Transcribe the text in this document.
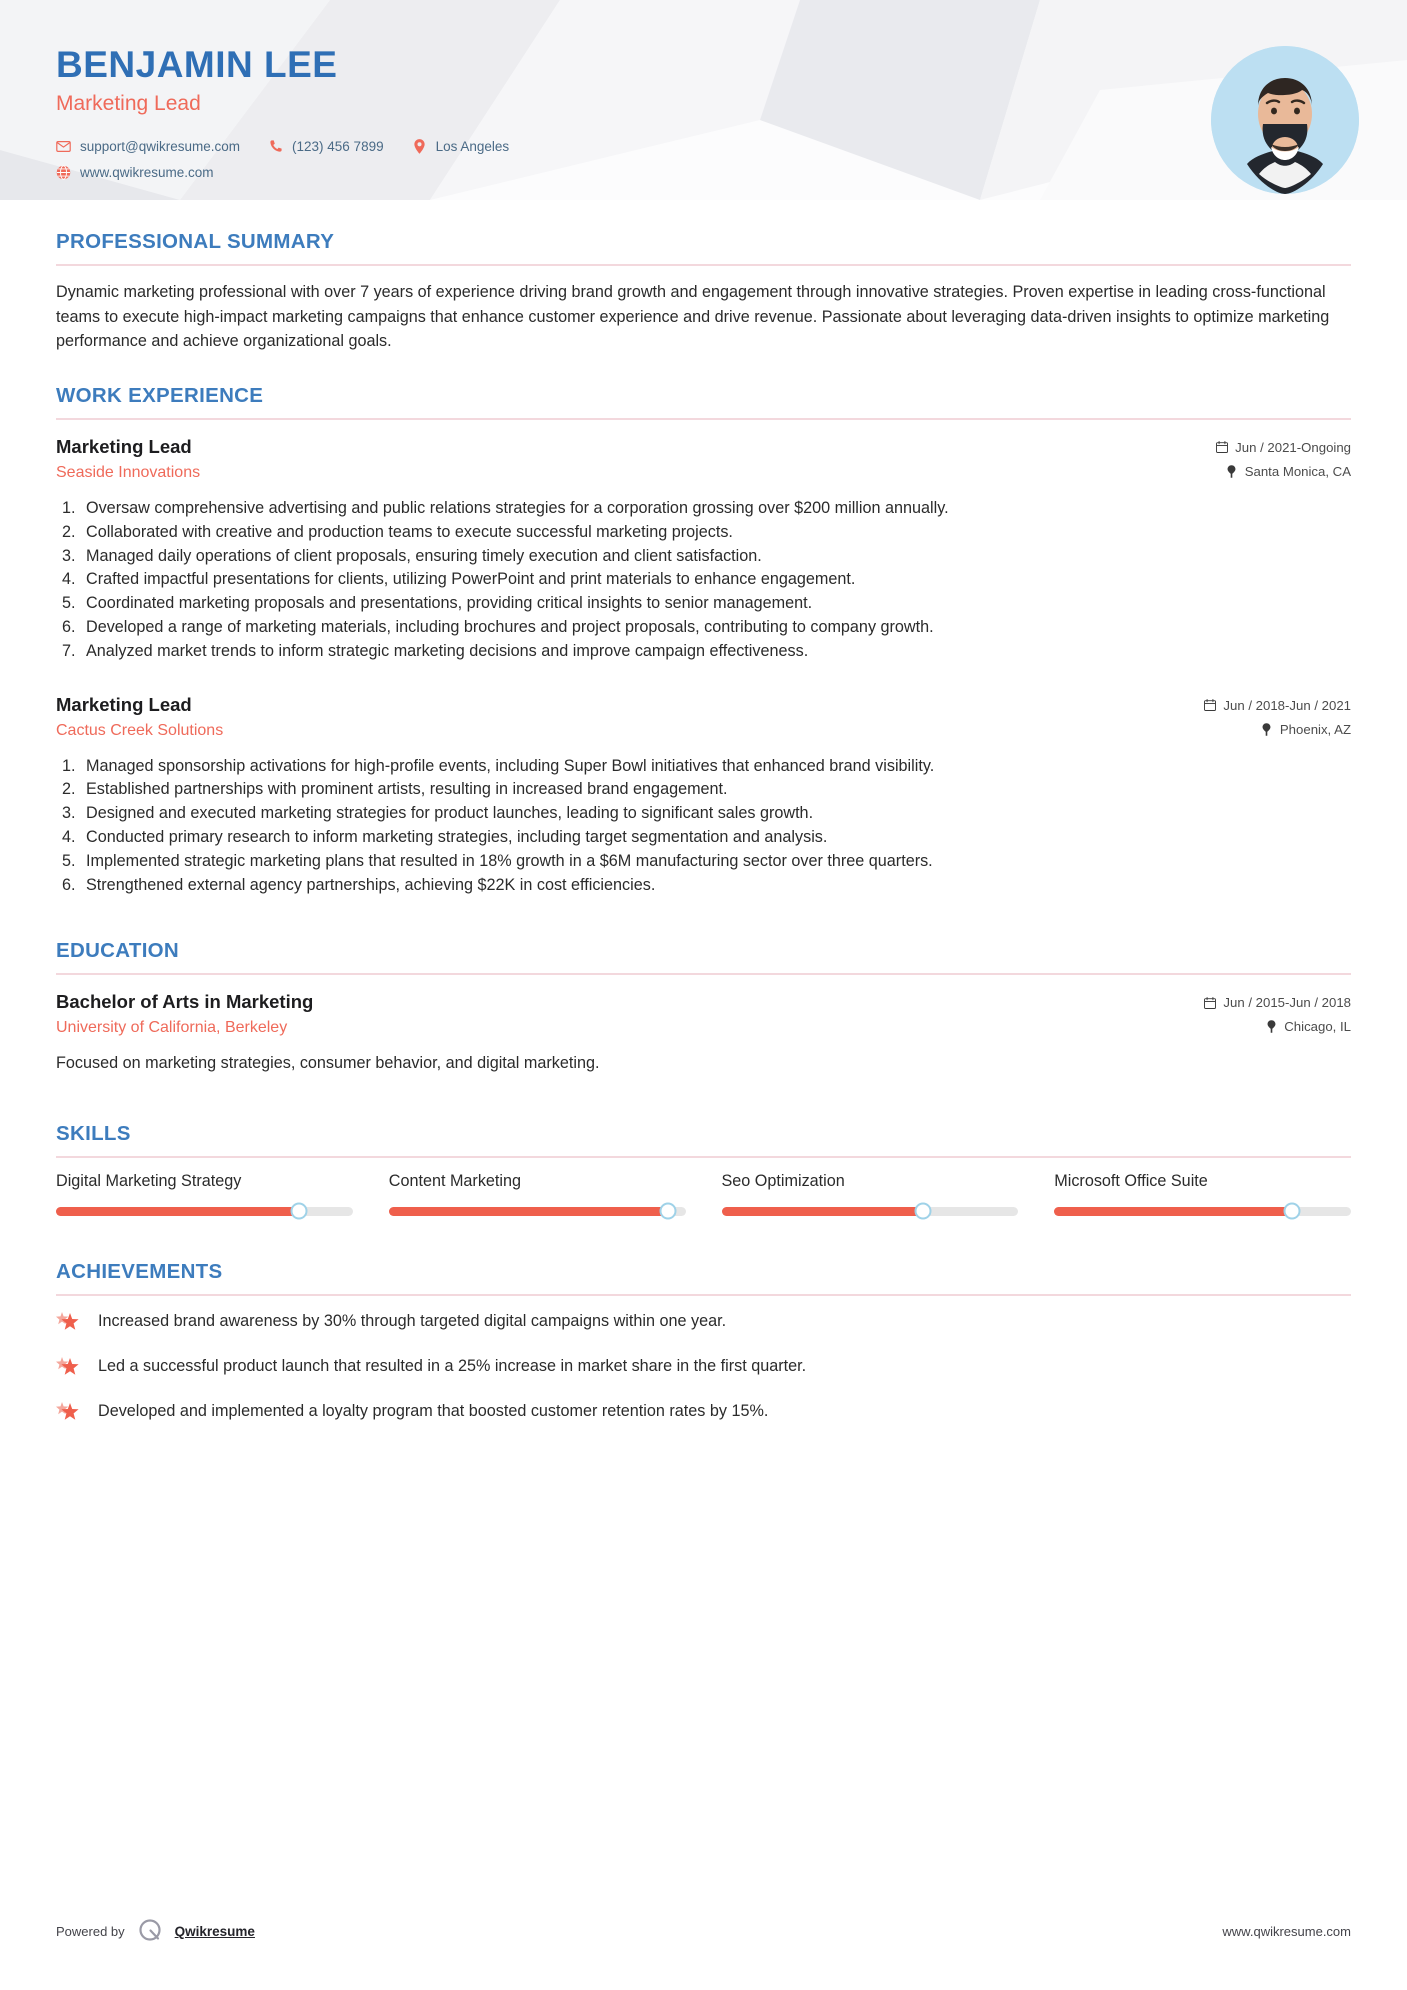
BENJAMIN LEE
Marketing Lead
support@qwikresume.com	(123) 456 7899	Los Angeles
www.qwikresume.com
PROFESSIONAL SUMMARY

Dynamic marketing professional with over 7 years of experience driving brand growth and engagement through innovative strategies. Proven expertise in leading cross-functional teams to execute high-impact marketing campaigns that enhance customer experience and drive revenue. Passionate about leveraging data-driven insights to optimize marketing performance and achieve organizational goals.

WORK EXPERIENCE
Marketing Lead
Seaside Innovations
Jun / 2021-Ongoing
Santa Monica, CA
Oversaw comprehensive advertising and public relations strategies for a corporation grossing over $200 million annually.
Collaborated with creative and production teams to execute successful marketing projects.
Managed daily operations of client proposals, ensuring timely execution and client satisfaction.
Crafted impactful presentations for clients, utilizing PowerPoint and print materials to enhance engagement.
Coordinated marketing proposals and presentations, providing critical insights to senior management.
Developed a range of marketing materials, including brochures and project proposals, contributing to company growth.
Analyzed market trends to inform strategic marketing decisions and improve campaign effectiveness.
Marketing Lead
Cactus Creek Solutions
Jun / 2018-Jun / 2021
Phoenix, AZ
Managed sponsorship activations for high-profile events, including Super Bowl initiatives that enhanced brand visibility.
Established partnerships with prominent artists, resulting in increased brand engagement.
Designed and executed marketing strategies for product launches, leading to significant sales growth.
Conducted primary research to inform marketing strategies, including target segmentation and analysis.
Implemented strategic marketing plans that resulted in 18% growth in a $6M manufacturing sector over three quarters.
Strengthened external agency partnerships, achieving $22K in cost efficiencies.
EDUCATION
Bachelor of Arts in Marketing
University of California, Berkeley
Jun / 2015-Jun / 2018
Chicago, IL

Focused on marketing strategies, consumer behavior, and digital marketing.

SKILLS
Digital Marketing Strategy	Content Marketing	Seo Optimization	Microsoft Office Suite
ACHIEVEMENTS
Increased brand awareness by 30% through targeted digital campaigns within one year.
Led a successful product launch that resulted in a 25% increase in market share in the first quarter.
Developed and implemented a loyalty program that boosted customer retention rates by 15%.
Powered by	Qwikresume	www.qwikresume.com
